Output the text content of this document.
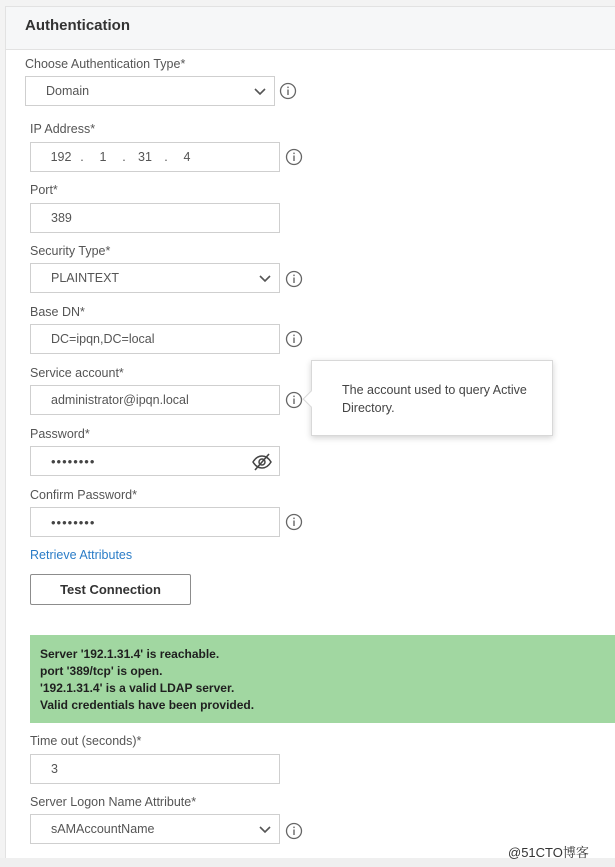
Authentication
Choose Authentication Type*
Domain
IP Address*
192 .	1	. 31 .	4
Port*
389
Security Type*
PLAINTEXT
Base DN*
DC=ipqn,DC=local
Service account*
administrator@ipqn.local
The account used to query Active Directory.
Password*
••••••••
Confirm Password*
••••••••
Retrieve Attributes
Test Connection
Server '192.1.31.4' is reachable.
port '389/tcp' is open.
'192.1.31.4' is a valid LDAP server.
Valid credentials have been provided.
Time out (seconds)*
3
Server Logon Name Attribute*
sAMAccountName
@51CTO博客
